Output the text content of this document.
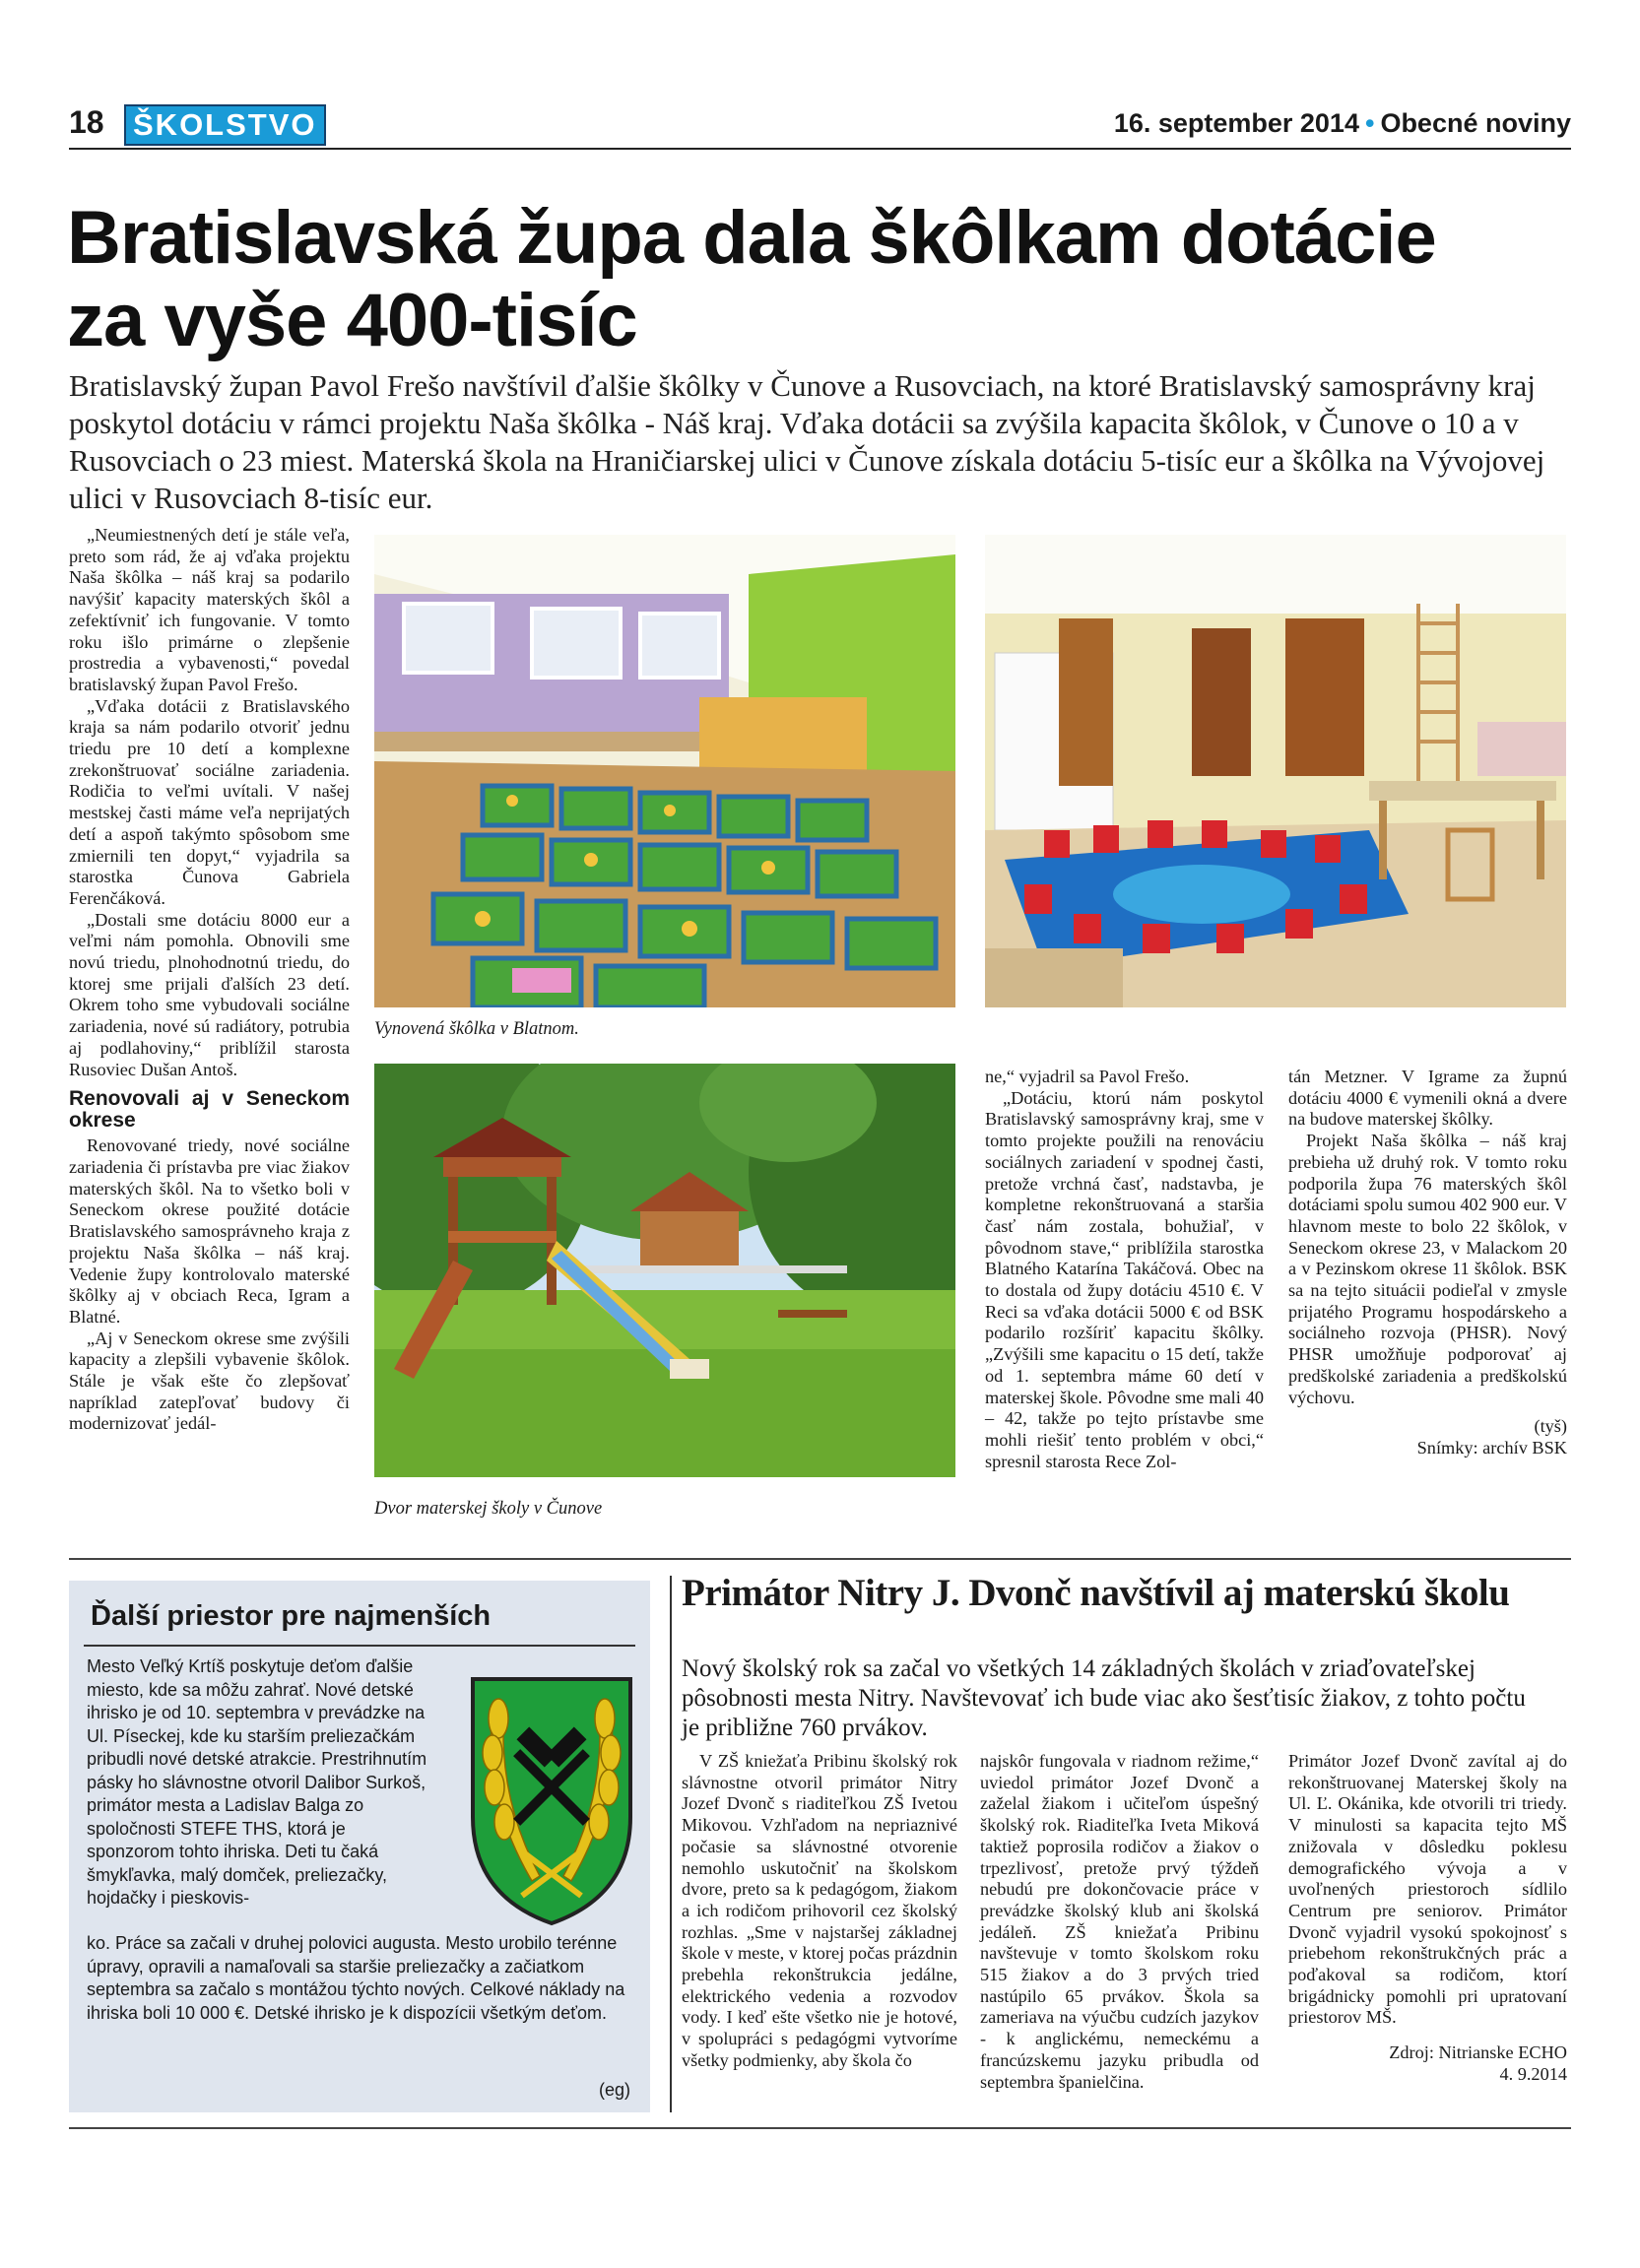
18 ŠKOLSTVO	16. september 2014 • Obecné noviny
Bratislavská župa dala škôlkam dotácie
za vyše 400-tisíc
Bratislavský župan Pavol Frešo navštívil ďalšie škôlky v Čunove a Rusovciach, na ktoré Bratislavský samosprávny kraj poskytol dotáciu v rámci projektu Naša škôlka - Náš kraj. Vďaka dotácii sa zvýšila kapacita škôlok, v Čunove o 10 a v Rusovciach o 23 miest. Materská škola na Hraničiarskej ulici v Čunove získala dotáciu 5-tisíc eur a škôlka na Vývojovej ulici v Rusovciach 8-tisíc eur.

„Neumiestnených detí je stále veľa, preto som rád, že aj vďaka projektu Naša škôlka – náš kraj sa podarilo navýšiť kapacity materských škôl a zefektívniť ich fungovanie. V tomto roku išlo primárne o zlepšenie prostredia a vybavenosti,“ povedal bratislavský župan Pavol Frešo.

„Vďaka dotácii z Bratislavského kraja sa nám podarilo otvoriť jednu triedu pre 10 detí a komplexne zrekonštruovať sociálne zariadenia. Rodičia to veľmi uvítali. V našej mestskej časti máme veľa neprijatých detí a aspoň takýmto spôsobom sme zmiernili ten dopyt,“ vyjadrila sa starostka Čunova Gabriela Ferenčáková.

„Dostali sme dotáciu 8000 eur a veľmi nám pomohla. Obnovili sme novú triedu, plnohodnotnú triedu, do ktorej sme prijali ďalších 23 detí. Okrem toho sme vybudovali sociálne zariadenia, nové sú radiátory, potrubia aj podlahoviny,“ priblížil starosta Rusoviec Dušan Antoš.

Renovovali aj v Seneckom okrese

Renovované triedy, nové sociálne zariadenia či prístavba pre viac žiakov materských škôl. Na to všetko boli v Seneckom okrese použité dotácie Bratislavského samosprávneho kraja z projektu Naša škôlka – náš kraj. Vedenie župy kontrolovalo materské škôlky aj v obciach Reca, Igram a Blatné.

„Aj v Seneckom okrese sme zvýšili kapacity a zlepšili vybavenie škôlok. Stále je však ešte čo zlepšovať napríklad zatepľovať budovy či modernizovať jedál-

Vynovená škôlka v Blatnom.
Dvor materskej školy v Čunove

ne,“ vyjadril sa Pavol Frešo.

„Dotáciu, ktorú nám poskytol Bratislavský samosprávny kraj, sme v tomto projekte použili na renováciu sociálnych zariadení v spodnej časti, pretože vrchná časť, nadstavba, je kompletne rekonštruovaná a staršia časť nám zostala, bohužiaľ, v pôvodnom stave,“ priblížila starostka Blatného Katarína Takáčová. Obec na to dostala od župy dotáciu 4510 €. V Reci sa vďaka dotácii 5000 € od BSK podarilo rozšíriť kapacitu škôlky. „Zvýšili sme kapacitu o 15 detí, takže od 1. septembra máme 60 detí v materskej škole. Pôvodne sme mali 40 – 42, takže po tejto prístavbe sme mohli riešiť tento problém v obci,“ spresnil starosta Rece Zol-

tán Metzner. V Igrame za župnú dotáciu 4000 € vymenili okná a dvere na budove materskej škôlky.

Projekt Naša škôlka – náš kraj prebieha už druhý rok. V tomto roku podporila župa 76 materských škôl dotáciami spolu sumou 402 900 eur. V hlavnom meste to bolo 22 škôlok, v Seneckom okrese 23, v Malackom 20 a v Pezinskom okrese 11 škôlok. BSK sa na tejto situácii podieľal v zmysle prijatého Programu hospodárskeho a sociálneho rozvoja (PHSR). Nový PHSR umožňuje podporovať aj predškolské zariadenia a predškolskú výchovu.

(tyš)
Snímky: archív BSK
Ďalší priestor pre najmenších
Mesto Veľký Krtíš poskytuje deťom ďalšie miesto, kde sa môžu zahrať. Nové detské ihrisko je od 10. septembra v prevádzke na Ul. Píseckej, kde ku starším preliezačkám pribudli nové detské atrakcie. Prestrihnutím pásky ho slávnostne otvoril Dalibor Surkoš, primátor mesta a Ladislav Balga zo spoločnosti STEFE THS, ktorá je sponzorom tohto ihriska. Deti tu čaká šmykľavka, malý domček, preliezačky, hojdačky i pieskovis-
ko. Práce sa začali v druhej polovici augusta. Mesto urobilo terénne úpravy, opravili a namaľovali sa staršie preliezačky a začiatkom septembra sa začalo s montážou týchto nových. Celkové náklady na ihriska boli 10 000 €. Detské ihrisko je k dispozícii všetkým deťom.
(eg)
Primátor Nitry J. Dvonč navštívil aj materskú školu
Nový školský rok sa začal vo všetkých 14 základných školách v zriaďovateľskej pôsobnosti mesta Nitry. Navštevovať ich bude viac ako šesťtisíc žiakov, z tohto počtu je približne 760 prvákov.

V ZŠ kniežaťa Pribinu školský rok slávnostne otvoril primátor Nitry Jozef Dvonč s riaditeľkou ZŠ Ivetou Mikovou. Vzhľadom na nepriaznivé počasie sa slávnostné otvorenie nemohlo uskutočniť na školskom dvore, preto sa k pedagógom, žiakom a ich rodičom prihovoril cez školský rozhlas. „Sme v najstaršej základnej škole v meste, v ktorej počas prázdnin prebehla rekonštrukcia jedálne, elektrického vedenia a rozvodov vody. I keď ešte všetko nie je hotové, v spolupráci s pedagógmi vytvoríme všetky podmienky, aby škola čo

najskôr fungovala v riadnom režime,“ uviedol primátor Jozef Dvonč a zaželal žiakom i učiteľom úspešný školský rok. Riaditeľka Iveta Miková taktiež poprosila rodičov a žiakov o trpezlivosť, pretože prvý týždeň nebudú pre dokončovacie práce v prevádzke školský klub ani školská jedáleň. ZŠ kniežaťa Pribinu navštevuje v tomto školskom roku 515 žiakov a do 3 prvých tried nastúpilo 65 prvákov. Škola sa zameriava na výučbu cudzích jazykov - k anglickému, nemeckému a francúzskemu jazyku pribudla od septembra španielčina.

Primátor Jozef Dvonč zavítal aj do rekonštruovanej Materskej školy na Ul. Ľ. Okánika, kde otvorili tri triedy. V minulosti sa kapacita tejto MŠ znižovala v dôsledku poklesu demografického vývoja a v uvoľnených priestoroch sídlilo Centrum pre seniorov. Primátor Dvonč vyjadril vysokú spokojnosť s priebehom rekonštrukčných prác a poďakoval sa rodičom, ktorí brigádnicky pomohli pri upratovaní priestorov MŠ.

Zdroj: Nitrianske ECHO
4. 9.2014
